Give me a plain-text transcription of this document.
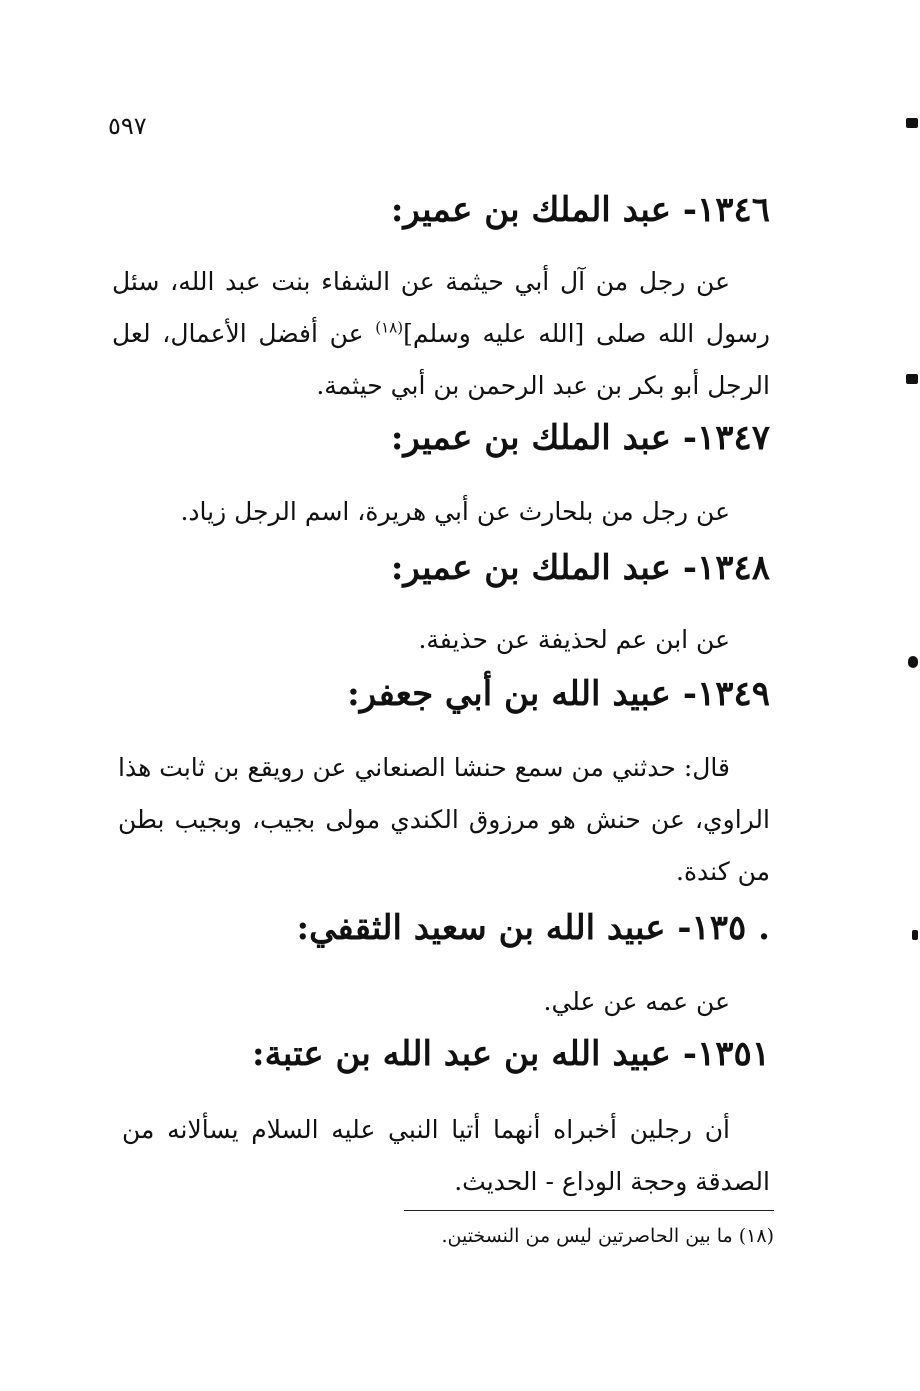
٥٩٧
١٣٤٦- عبد الملك بن عمير:
عن رجل من آل أبي حيثمة عن الشفاء بنت عبد الله، سئل رسول الله صلى [الله عليه وسلم]$^{(١٨)}$ عن أفضل الأعمال، لعل الرجل أبو بكر بن عبد الرحمن بن أبي حيثمة.
١٣٤٧- عبد الملك بن عمير:
عن رجل من بلحارث عن أبي هريرة، اسم الرجل زياد.
١٣٤٨- عبد الملك بن عمير:
عن ابن عم لحذيفة عن حذيفة.
١٣٤٩- عبيد الله بن أبي جعفر:
قال: حدثني من سمع حنشا الصنعاني عن رويقع بن ثابت هذا الراوي، عن حنش هو مرزوق الكندي مولى بجيب، وبجيب بطن من كندة.
. ١٣٥- عبيد الله بن سعيد الثقفي:
عن عمه عن علي.
١٣٥١- عبيد الله بن عبد الله بن عتبة:
أن رجلين أخبراه أنهما أتيا النبي عليه السلام يسألانه من الصدقة وحجة الوداع - الحديث.
(١٨) ما بين الحاصرتين ليس من النسختين.
